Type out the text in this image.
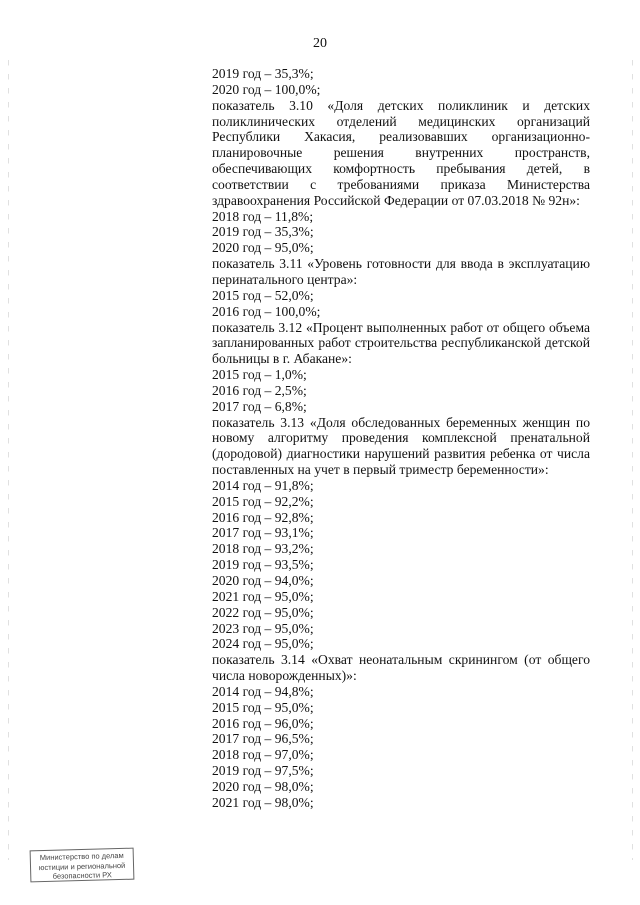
20
2019 год – 35,3%;
2020 год – 100,0%;
показатель 3.10 «Доля детских поликлиник и детских поликлинических отделений медицинских организаций Республики Хакасия, реализовавших организационно-планировочные решения внутренних пространств, обеспечивающих комфортность пребывания детей, в соответствии с требованиями приказа Министерства здравоохранения Российской Федерации от 07.03.2018 № 92н»:
2018 год – 11,8%;
2019 год – 35,3%;
2020 год – 95,0%;
показатель 3.11 «Уровень готовности для ввода в эксплуатацию перинатального центра»:
2015 год – 52,0%;
2016 год – 100,0%;
показатель 3.12 «Процент выполненных работ от общего объема запланированных работ строительства республиканской детской больницы в г. Абакане»:
2015 год – 1,0%;
2016 год – 2,5%;
2017 год – 6,8%;
показатель 3.13 «Доля обследованных беременных женщин по новому алгоритму проведения комплексной пренатальной (дородовой) диагностики нарушений развития ребенка от числа поставленных на учет в первый триместр беременности»:
2014 год – 91,8%;
2015 год – 92,2%;
2016 год – 92,8%;
2017 год – 93,1%;
2018 год – 93,2%;
2019 год – 93,5%;
2020 год – 94,0%;
2021 год – 95,0%;
2022 год – 95,0%;
2023 год – 95,0%;
2024 год – 95,0%;
показатель 3.14 «Охват неонатальным скринингом (от общего числа новорожденных)»:
2014 год – 94,8%;
2015 год – 95,0%;
2016 год – 96,0%;
2017 год – 96,5%;
2018 год – 97,0%;
2019 год – 97,5%;
2020 год – 98,0%;
2021 год – 98,0%;
Министерство по делам
юстиции и региональной
безопасности РХ
